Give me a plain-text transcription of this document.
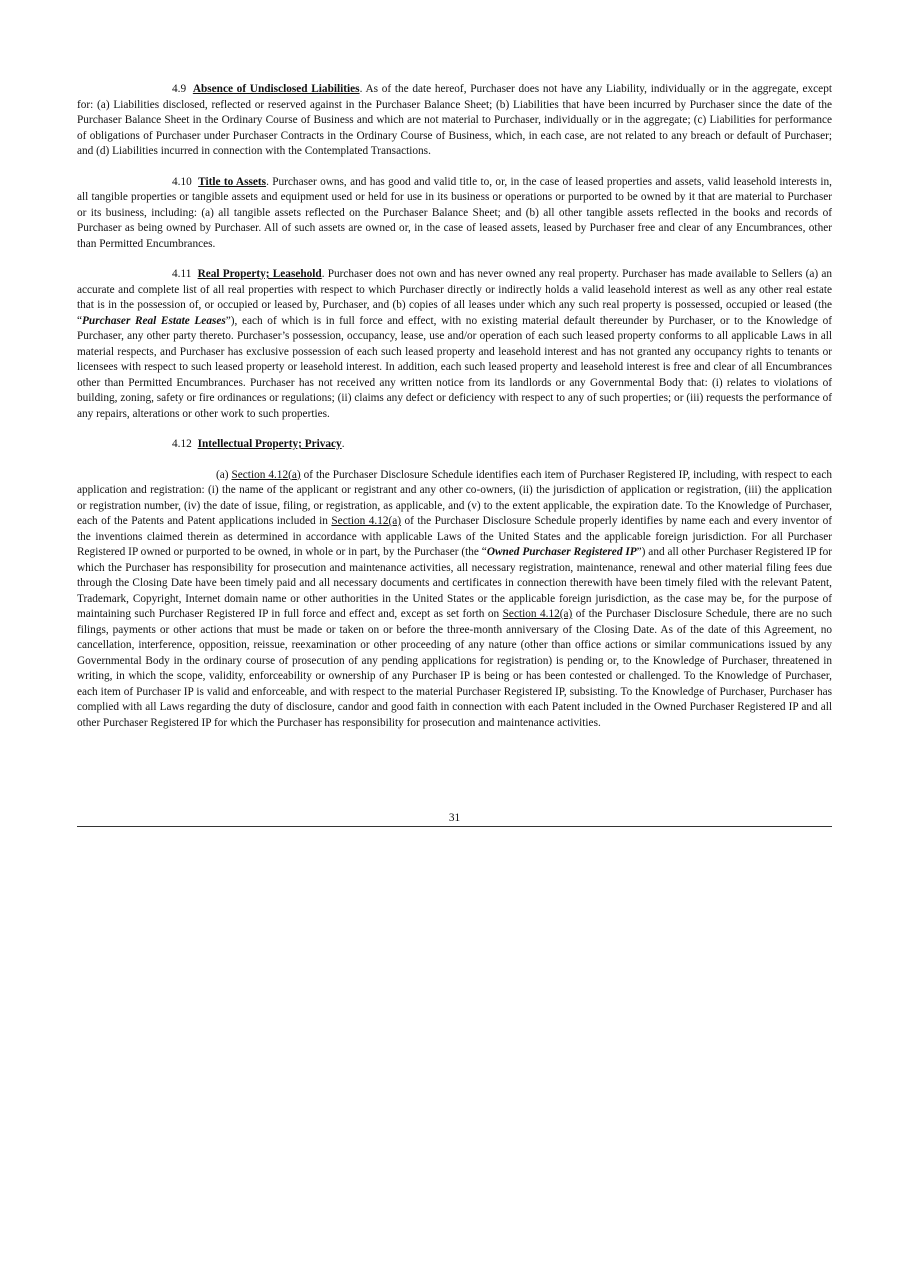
4.9 Absence of Undisclosed Liabilities. As of the date hereof, Purchaser does not have any Liability, individually or in the aggregate, except for: (a) Liabilities disclosed, reflected or reserved against in the Purchaser Balance Sheet; (b) Liabilities that have been incurred by Purchaser since the date of the Purchaser Balance Sheet in the Ordinary Course of Business and which are not material to Purchaser, individually or in the aggregate; (c) Liabilities for performance of obligations of Purchaser under Purchaser Contracts in the Ordinary Course of Business, which, in each case, are not related to any breach or default of Purchaser; and (d) Liabilities incurred in connection with the Contemplated Transactions.

4.10 Title to Assets. Purchaser owns, and has good and valid title to, or, in the case of leased properties and assets, valid leasehold interests in, all tangible properties or tangible assets and equipment used or held for use in its business or operations or purported to be owned by it that are material to Purchaser or its business, including: (a) all tangible assets reflected on the Purchaser Balance Sheet; and (b) all other tangible assets reflected in the books and records of Purchaser as being owned by Purchaser. All of such assets are owned or, in the case of leased assets, leased by Purchaser free and clear of any Encumbrances, other than Permitted Encumbrances.

4.11 Real Property; Leasehold. Purchaser does not own and has never owned any real property. Purchaser has made available to Sellers (a) an accurate and complete list of all real properties with respect to which Purchaser directly or indirectly holds a valid leasehold interest as well as any other real estate that is in the possession of, or occupied or leased by, Purchaser, and (b) copies of all leases under which any such real property is possessed, occupied or leased (the “Purchaser Real Estate Leases”), each of which is in full force and effect, with no existing material default thereunder by Purchaser, or to the Knowledge of Purchaser, any other party thereto. Purchaser’s possession, occupancy, lease, use and/or operation of each such leased property conforms to all applicable Laws in all material respects, and Purchaser has exclusive possession of each such leased property and leasehold interest and has not granted any occupancy rights to tenants or licensees with respect to such leased property or leasehold interest. In addition, each such leased property and leasehold interest is free and clear of all Encumbrances other than Permitted Encumbrances. Purchaser has not received any written notice from its landlords or any Governmental Body that: (i) relates to violations of building, zoning, safety or fire ordinances or regulations; (ii) claims any defect or deficiency with respect to any of such properties; or (iii) requests the performance of any repairs, alterations or other work to such properties.

4.12 Intellectual Property; Privacy.

(a) Section 4.12(a) of the Purchaser Disclosure Schedule identifies each item of Purchaser Registered IP, including, with respect to each application and registration: (i) the name of the applicant or registrant and any other co-owners, (ii) the jurisdiction of application or registration, (iii) the application or registration number, (iv) the date of issue, filing, or registration, as applicable, and (v) to the extent applicable, the expiration date. To the Knowledge of Purchaser, each of the Patents and Patent applications included in Section 4.12(a) of the Purchaser Disclosure Schedule properly identifies by name each and every inventor of the inventions claimed therein as determined in accordance with applicable Laws of the United States and the applicable foreign jurisdiction. For all Purchaser Registered IP owned or purported to be owned, in whole or in part, by the Purchaser (the “Owned Purchaser Registered IP”) and all other Purchaser Registered IP for which the Purchaser has responsibility for prosecution and maintenance activities, all necessary registration, maintenance, renewal and other material filing fees due through the Closing Date have been timely paid and all necessary documents and certificates in connection therewith have been timely filed with the relevant Patent, Trademark, Copyright, Internet domain name or other authorities in the United States or the applicable foreign jurisdiction, as the case may be, for the purpose of maintaining such Purchaser Registered IP in full force and effect and, except as set forth on Section 4.12(a) of the Purchaser Disclosure Schedule, there are no such filings, payments or other actions that must be made or taken on or before the three-month anniversary of the Closing Date. As of the date of this Agreement, no cancellation, interference, opposition, reissue, reexamination or other proceeding of any nature (other than office actions or similar communications issued by any Governmental Body in the ordinary course of prosecution of any pending applications for registration) is pending or, to the Knowledge of Purchaser, threatened in writing, in which the scope, validity, enforceability or ownership of any Purchaser IP is being or has been contested or challenged. To the Knowledge of Purchaser, each item of Purchaser IP is valid and enforceable, and with respect to the material Purchaser Registered IP, subsisting. To the Knowledge of Purchaser, Purchaser has complied with all Laws regarding the duty of disclosure, candor and good faith in connection with each Patent included in the Owned Purchaser Registered IP and all other Purchaser Registered IP for which the Purchaser has responsibility for prosecution and maintenance activities.

31
